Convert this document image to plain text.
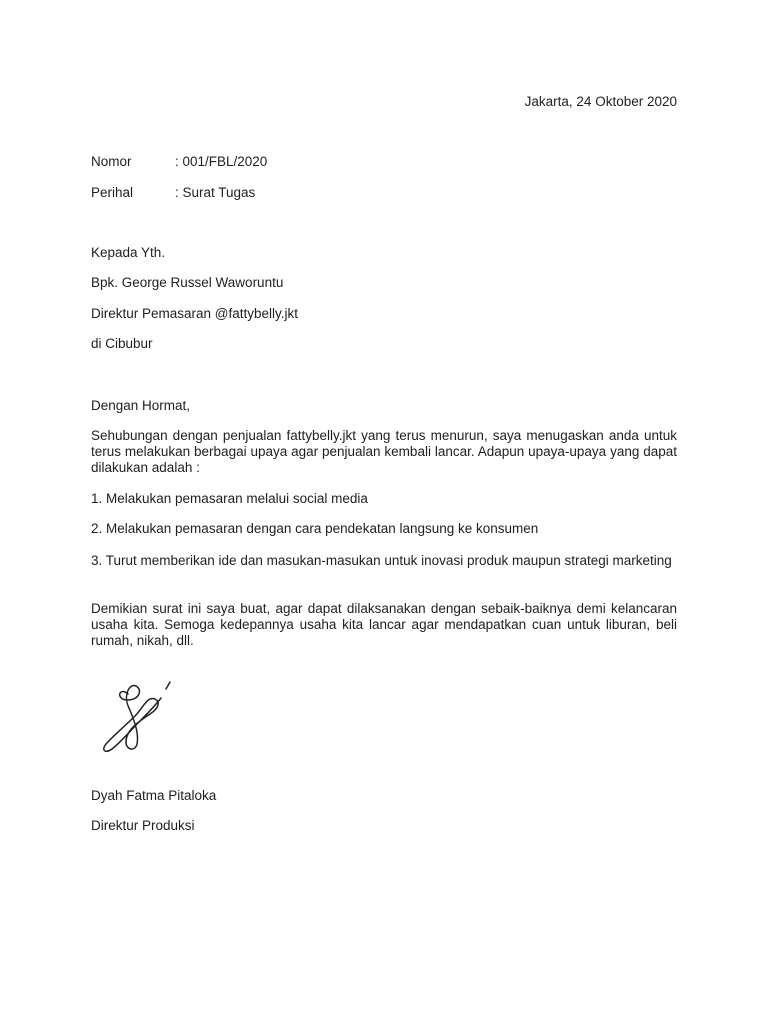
Jakarta, 24 Oktober 2020

Nomor	: 001/FBL/2020

Perihal	: Surat Tugas

Kepada Yth.

Bpk. George Russel Waworuntu

Direktur Pemasaran @fattybelly.jkt

di Cibubur

Dengan Hormat,

Sehubungan dengan penjualan fattybelly.jkt yang terus menurun, saya menugaskan anda untuk terus melakukan berbagai upaya agar penjualan kembali lancar. Adapun upaya-upaya yang dapat dilakukan adalah :

1. Melakukan pemasaran melalui social media

2. Melakukan pemasaran dengan cara pendekatan langsung ke konsumen

3. Turut memberikan ide dan masukan-masukan untuk inovasi produk maupun strategi marketing

Demikian surat ini saya buat, agar dapat dilaksanakan dengan sebaik-baiknya demi kelancaran usaha kita. Semoga kedepannya usaha kita lancar agar mendapatkan cuan untuk liburan, beli rumah, nikah, dll.

Dyah Fatma Pitaloka

Direktur Produksi
